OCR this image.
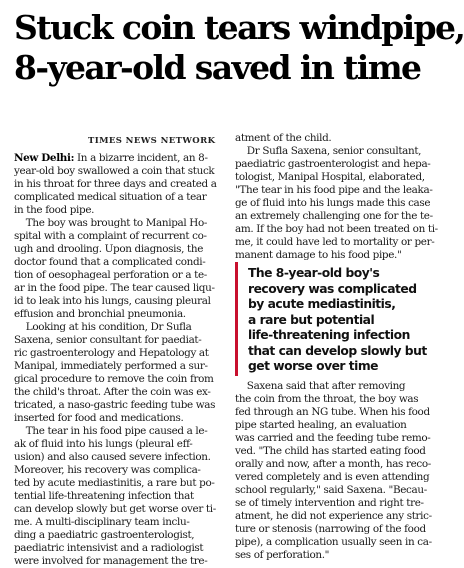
Stuck coin tears windpipe,
8-year-old saved in time
TIMES NEWS NETWORK
New Delhi: In a bizarre incident, an 8-
year-old boy swallowed a coin that stuck
in his throat for three days and created a
complicated medical situation of a tear
in the food pipe.
The boy was brought to Manipal Ho-
spital with a complaint of recurrent co-
ugh and drooling. Upon diagnosis, the
doctor found that a complicated condi-
tion of oesophageal perforation or a te-
ar in the food pipe. The tear caused liqu-
id to leak into his lungs, causing pleural
effusion and bronchial pneumonia.
Looking at his condition, Dr Sufla
Saxena, senior consultant for paediat-
ric gastroenterology and Hepatology at
Manipal, immediately performed a sur-
gical procedure to remove the coin from
the child's throat. After the coin was ex-
tricated, a naso-gastric feeding tube was
inserted for food and medications.
The tear in his food pipe caused a le-
ak of fluid into his lungs (pleural eff-
usion) and also caused severe infection.
Moreover, his recovery was complica-
ted by acute mediastinitis, a rare but po-
tential life-threatening infection that
can develop slowly but get worse over ti-
me. A multi-disciplinary team inclu-
ding a paediatric gastroenterologist,
paediatric intensivist and a radiologist
were involved for management the tre-
atment of the child.
Dr Sufla Saxena, senior consultant,
paediatric gastroenterologist and hepa-
tologist, Manipal Hospital, elaborated,
"The tear in his food pipe and the leaka-
ge of fluid into his lungs made this case
an extremely challenging one for the te-
am. If the boy had not been treated on ti-
me, it could have led to mortality or per-
manent damage to his food pipe."
Saxena said that after removing
the coin from the throat, the boy was
fed through an NG tube. When his food
pipe started healing, an evaluation
was carried and the feeding tube remo-
ved. "The child has started eating food
orally and now, after a month, has reco-
vered completely and is even attending
school regularly," said Saxena. "Becau-
se of timely intervention and right tre-
atment, he did not experience any stric-
ture or stenosis (narrowing of the food
pipe), a complication usually seen in ca-
ses of perforation."
The 8-year-old boy's
recovery was complicated
by acute mediastinitis,
a rare but potential
life-threatening infection
that can develop slowly but
get worse over time
